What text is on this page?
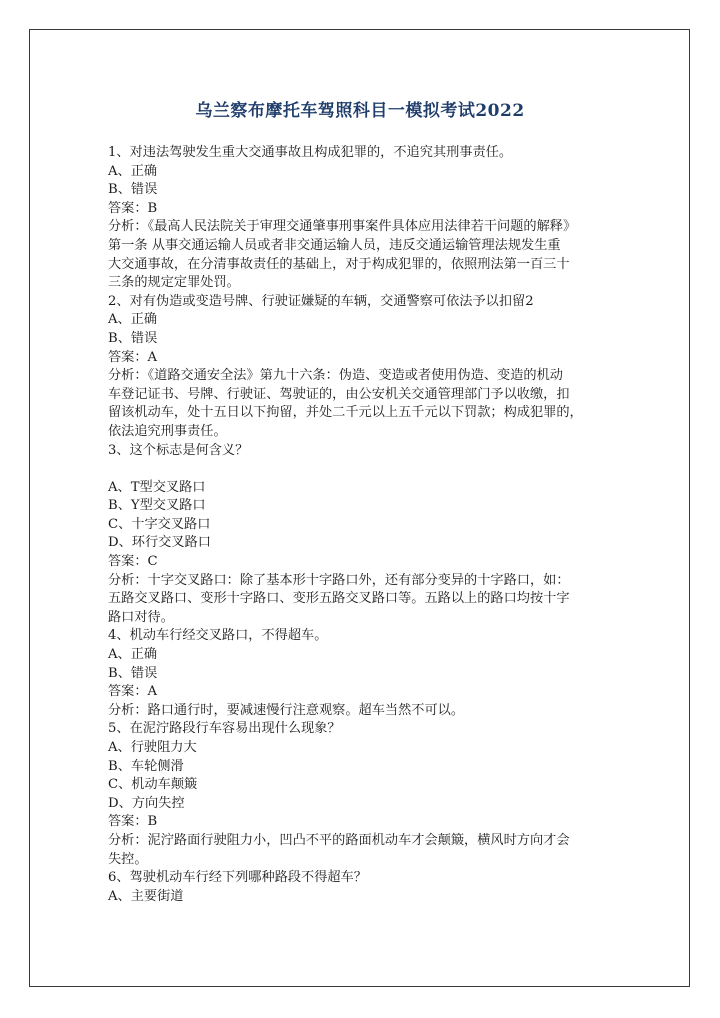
乌兰察布摩托车驾照科目一模拟考试2022
1、对违法驾驶发生重大交通事故且构成犯罪的，不追究其刑事责任。
A、正确
B、错误
答案：B
分析：《最高人民法院关于审理交通肇事刑事案件具体应用法律若干问题的解释》
第一条 从事交通运输人员或者非交通运输人员，违反交通运输管理法规发生重
大交通事故，在分清事故责任的基础上，对于构成犯罪的，依照刑法第一百三十
三条的规定定罪处罚。
2、对有伪造或变造号牌、行驶证嫌疑的车辆，交通警察可依法予以扣留2
A、正确
B、错误
答案：A
分析：《道路交通安全法》第九十六条：伪造、变造或者使用伪造、变造的机动
车登记证书、号牌、行驶证、驾驶证的，由公安机关交通管理部门予以收缴，扣
留该机动车，处十五日以下拘留，并处二千元以上五千元以下罚款；构成犯罪的，
依法追究刑事责任。
3、这个标志是何含义？
A、T型交叉路口
B、Y型交叉路口
C、十字交叉路口
D、环行交叉路口
答案：C
分析：十字交叉路口：除了基本形十字路口外，还有部分变异的十字路口，如：
五路交叉路口、变形十字路口、变形五路交叉路口等。五路以上的路口均按十字
路口对待。
4、机动车行经交叉路口，不得超车。
A、正确
B、错误
答案：A
分析：路口通行时，要减速慢行注意观察。超车当然不可以。
5、在泥泞路段行车容易出现什么现象？
A、行驶阻力大
B、车轮侧滑
C、机动车颠簸
D、方向失控
答案：B
分析：泥泞路面行驶阻力小，凹凸不平的路面机动车才会颠簸，横风时方向才会
失控。
6、驾驶机动车行经下列哪种路段不得超车？
A、主要街道
